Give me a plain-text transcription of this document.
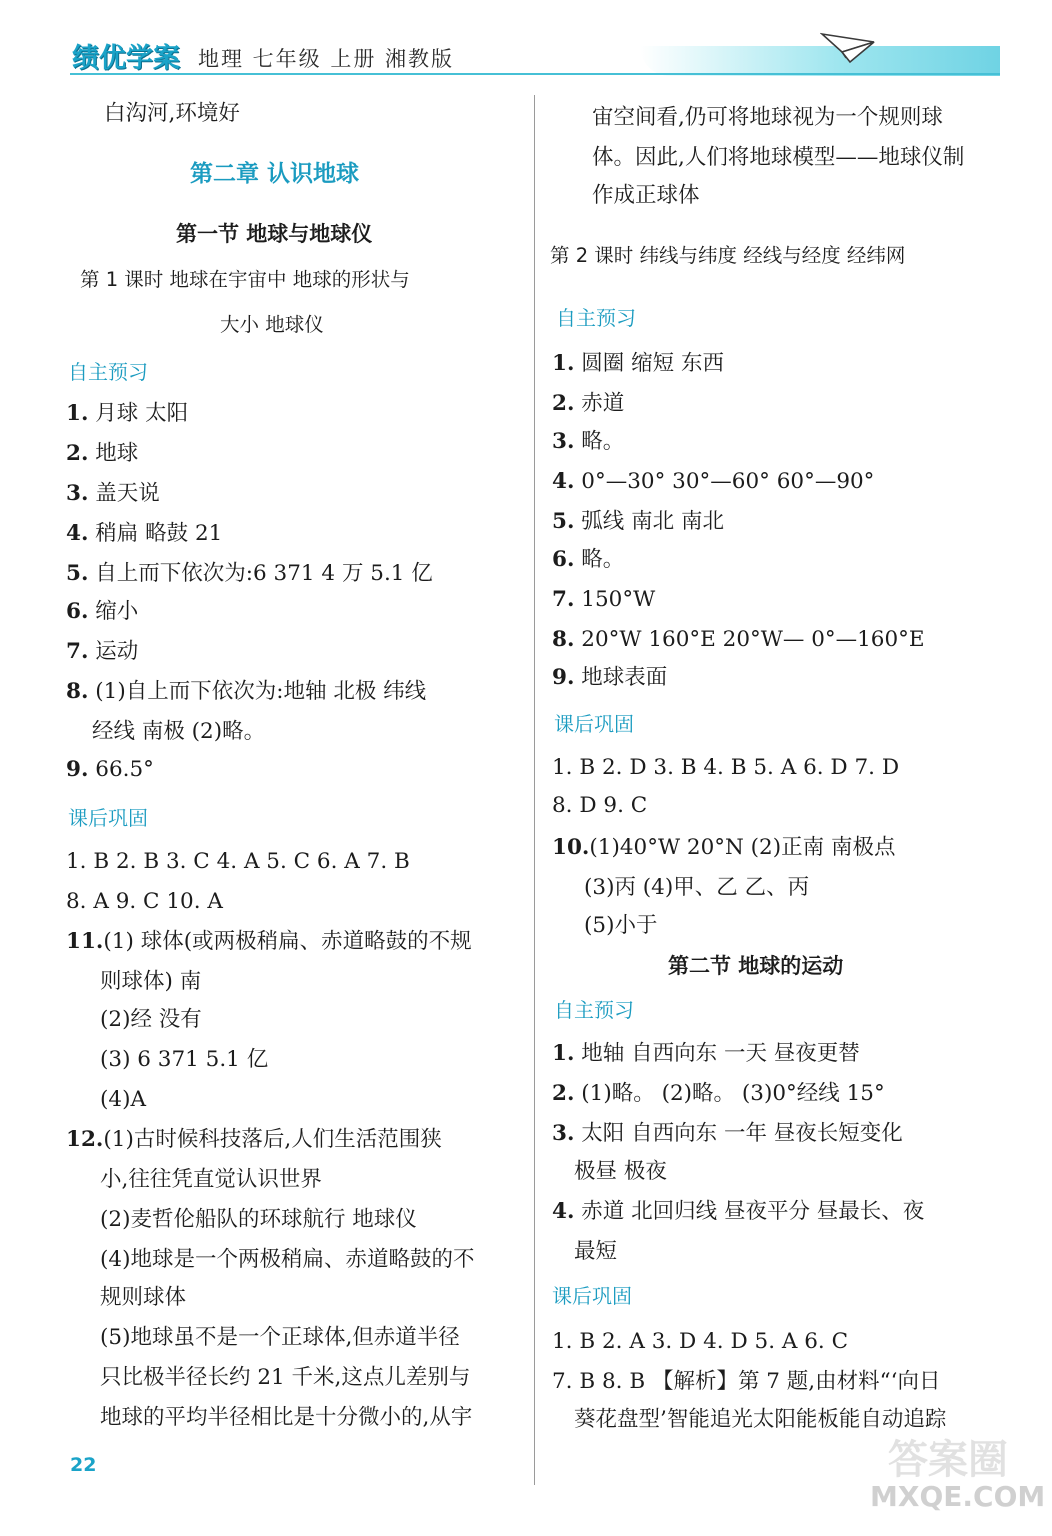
绩优学案 地理 七年级 上册 湘教版
白沟河,环境好
第二章 认识地球
第一节 地球与地球仪
第 1 课时 地球在宇宙中 地球的形状与
大小 地球仪
自主预习
1. 月球 太阳
2. 地球
3. 盖天说
4. 稍扁 略鼓 21
5. 自上而下依次为:6 371 4 万 5.1 亿
6. 缩小
7. 运动
8. (1)自上而下依次为:地轴 北极 纬线
经线 南极 (2)略。
9. 66.5°
课后巩固
1. B 2. B 3. C 4. A 5. C 6. A 7. B
8. A 9. C 10. A
11.(1) 球体(或两极稍扁、赤道略鼓的不规
则球体) 南
(2)经 没有
(3) 6 371 5.1 亿
(4)A
12.(1)古时候科技落后,人们生活范围狭
小,往往凭直觉认识世界
(2)麦哲伦船队的环球航行 地球仪
(4)地球是一个两极稍扁、赤道略鼓的不
规则球体
(5)地球虽不是一个正球体,但赤道半径
只比极半径长约 21 千米,这点儿差别与
地球的平均半径相比是十分微小的,从宇
宙空间看,仍可将地球视为一个规则球
体。因此,人们将地球模型——地球仪制
作成正球体
第 2 课时 纬线与纬度 经线与经度 经纬网
自主预习
1. 圆圈 缩短 东西
2. 赤道
3. 略。
4. 0°—30° 30°—60° 60°—90°
5. 弧线 南北 南北
6. 略。
7. 150°W
8. 20°W 160°E 20°W— 0°—160°E
9. 地球表面
课后巩固
1. B 2. D 3. B 4. B 5. A 6. D 7. D
8. D 9. C
10.(1)40°W 20°N (2)正南 南极点
(3)丙 (4)甲、乙 乙、丙
(5)小于
第二节 地球的运动
自主预习
1. 地轴 自西向东 一天 昼夜更替
2. (1)略。 (2)略。 (3)0°经线 15°
3. 太阳 自西向东 一年 昼夜长短变化
极昼 极夜
4. 赤道 北回归线 昼夜平分 昼最长、夜
最短
课后巩固
1. B 2. A 3. D 4. D 5. A 6. C
7. B 8. B 【解析】第 7 题,由材料“‘向日
葵花盘型’智能追光太阳能板能自动追踪
22	答案圈
MXQE.COM
